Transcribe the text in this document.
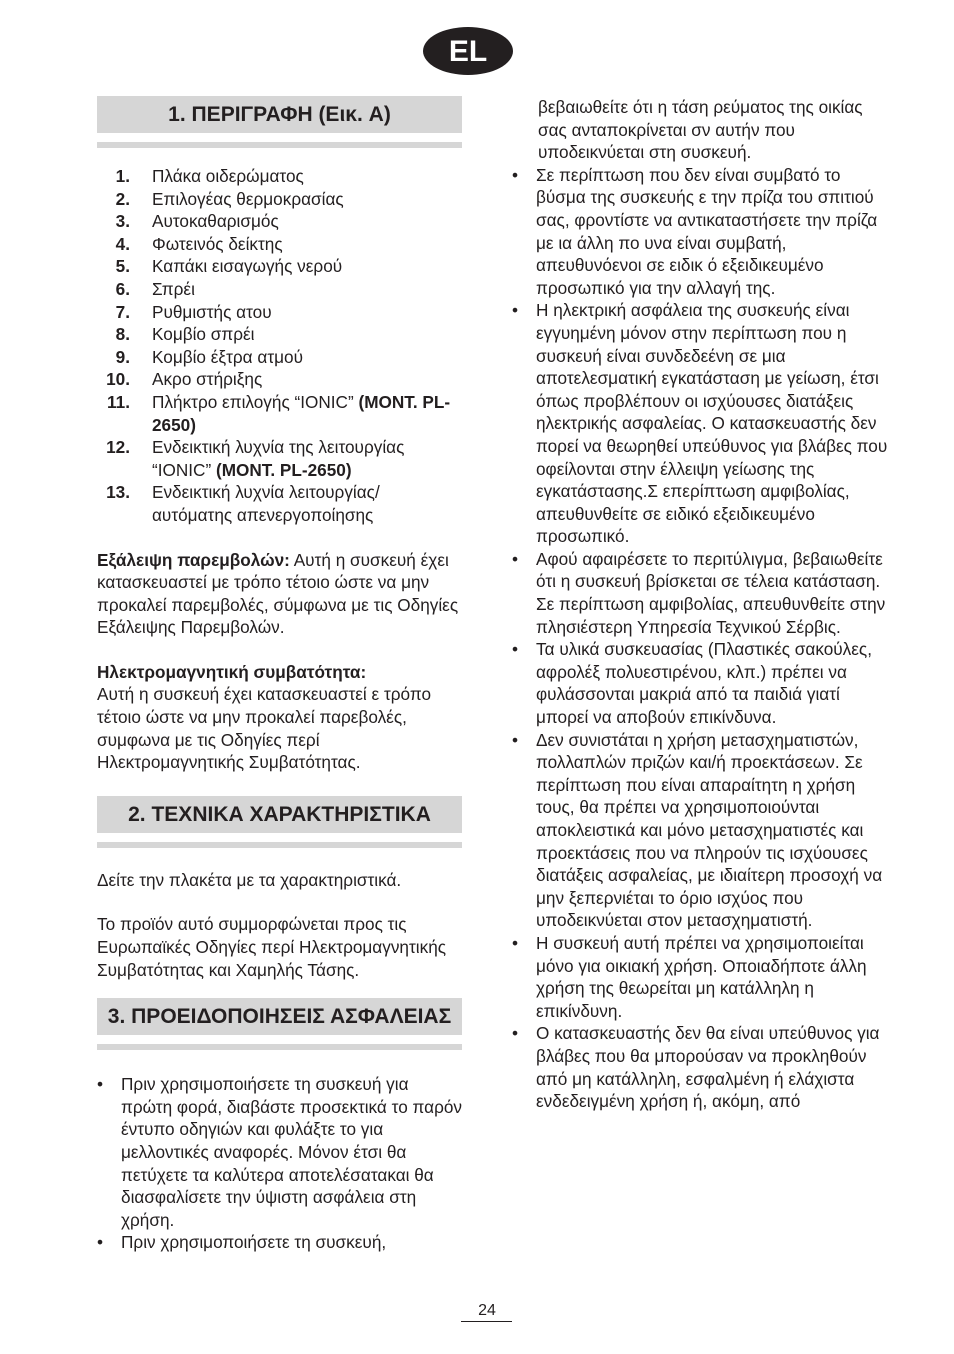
EL
1. ΠΕΡΙΓΡΑΦΗ (Εικ. A)
1. Πλάκα οιδερώματος
2. Επιλογέας θερμοκρασίας
3. Αυτοκαθαρισμός
4. Φωτεινός δείκτης
5. Καπάκι εισαγωγής νερού
6. Σπρέι
7. Ρυθμιστής ατου
8. Κομβίο σπρέι
9. Κομβίο έξτρα ατμού
10. Ακρο στήριξης
11. Πλήκτρο επιλογής “IONIC” (MONT. PL-2650)
12. Ενδεικτική λυχνία της λειτουργίας “IONIC” (MONT. PL-2650)
13. Ενδεικτική λυχνία λειτουργίας/ αυτόματης απενεργοποίησης

Εξάλειψη παρεμβολών: Αυτή η συσκευή έχει κατασκευαστεί με τρόπο τέτοιο ώστε να μην προκαλεί παρεμβολές, σύμφωνα με τις Οδηγίες Εξάλειψης Παρεμβολών.

Ηλεκτρομαγνητική συμβατότητα:
Αυτή η συσκευή έχει κατασκευαστεί ε τρόπο τέτοιο ώστε να μην προκαλεί παρεβολές, συμφωνα με τις Οδηγίες περί Ηλεκτρομαγνητικής Συμβατότητας.

2. ΤΕΧΝΙΚΑ ΧΑΡΑΚΤΗΡΙΣΤΙΚΑ

Δείτε την πλακέτα με τα χαρακτηριστικά.

Το προϊόν αυτό συμμορφώνεται προς τις Ευρωπαϊκές Οδηγίες περί Ηλεκτρομαγνητικής Συμβατότητας και Χαμηλής Τάσης.

3. ΠΡΟΕΙΔΟΠΟΙΗΣΕΙΣ ΑΣΦΑΛΕΙΑΣ
• Πριν χρησιμοποιήσετε τη συσκευή για πρώτη φορά, διαβάστε προσεκτικά το παρόν έντυπο οδηγιών και φυλάξτε το για μελλοντικές αναφορές. Μόνον έτσι θα πετύχετε τα καλύτερα αποτελέσατακαι θα διασφαλίσετε την ύψιστη ασφάλεια στη χρήση.
• Πριν χρησιμοποιήσετε τη συσκευή,

βεβαιωθείτε ότι η τάση ρεύματος της οικίας σας ανταποκρίνεται σν αυτήν που υποδεικνύεται στη συσκευή.

• Σε περίπτωση που δεν είναι συμβατό το βύσμα της συσκευής ε την πρίζα του σπιτιού σας, φροντίστε να αντικαταστήσετε την πρίζα με ια άλλη πο υνα είναι συμβατή, απευθυνόενοι σε ειδικ ό εξειδικευμένο προσωπικό για την αλλαγή της.
• Η ηλεκτρική ασφάλεια της συσκευής είναι εγγυημένη μόνον στην περίπτωση που η συσκευή είναι συνδεδεένη σε μια αποτελεσματική εγκατάσταση με γείωση, έτσι όπως προβλέπουν οι ισχύουσες διατάξεις ηλεκτρικής ασφαλείας. Ο κατασκευαστής δεν πορεί να θεωρηθεί υπεύθυνος για βλάβες που οφείλονται στην έλλειψη γείωσης της εγκατάστασης.Σ επερίπτωση αμφιβολίας, απευθυνθείτε σε ειδικό εξειδικευμένο προσωπικό.
• Αφού αφαιρέσετε το περιτύλιγμα, βεβαιωθείτε ότι η συσκευή βρίσκεται σε τέλεια κατάσταση. Σε περίπτωση αμφιβολίας, απευθυνθείτε στην πλησιέστερη Υπηρεσία Τεχνικού Σέρβις.
• Τα υλικά συσκευασίας (Πλαστικές σακούλες, αφρολέξ πολυεστιρένου, κλπ.) πρέπει να φυλάσσονται μακριά από τα παιδιά γιατί μπορεί να αποβούν επικίνδυνα.
• Δεν συνιστάται η χρήση μετασχηματιστών, πολλαπλών πριζών και/ή προεκτάσεων. Σε περίπτωση που είναι απαραίτητη η χρήση τους, θα πρέπει να χρησιμοποιούνται αποκλειστικά και μόνο μετασχηματιστές και προεκτάσεις που να πληρούν τις ισχύουσες διατάξεις ασφαλείας, με ιδιαίτερη προσοχή να μην ξεπερνιέται το όριο ισχύος που υποδεικνύεται στον μετασχηματιστή.
• Η συσκευή αυτή πρέπει να χρησιμοποιείται μόνο για οικιακή χρήση. Οποιαδήποτε άλλη χρήση της θεωρείται μη κατάλληλη η επικίνδυνη.
• Ο κατασκευαστής δεν θα είναι υπεύθυνος για βλάβες που θα μπορούσαν να προκληθούν από μη κατάλληλη, εσφαλμένη ή ελάχιστα ενδεδειγμένη χρήση ή, ακόμη, από
24
